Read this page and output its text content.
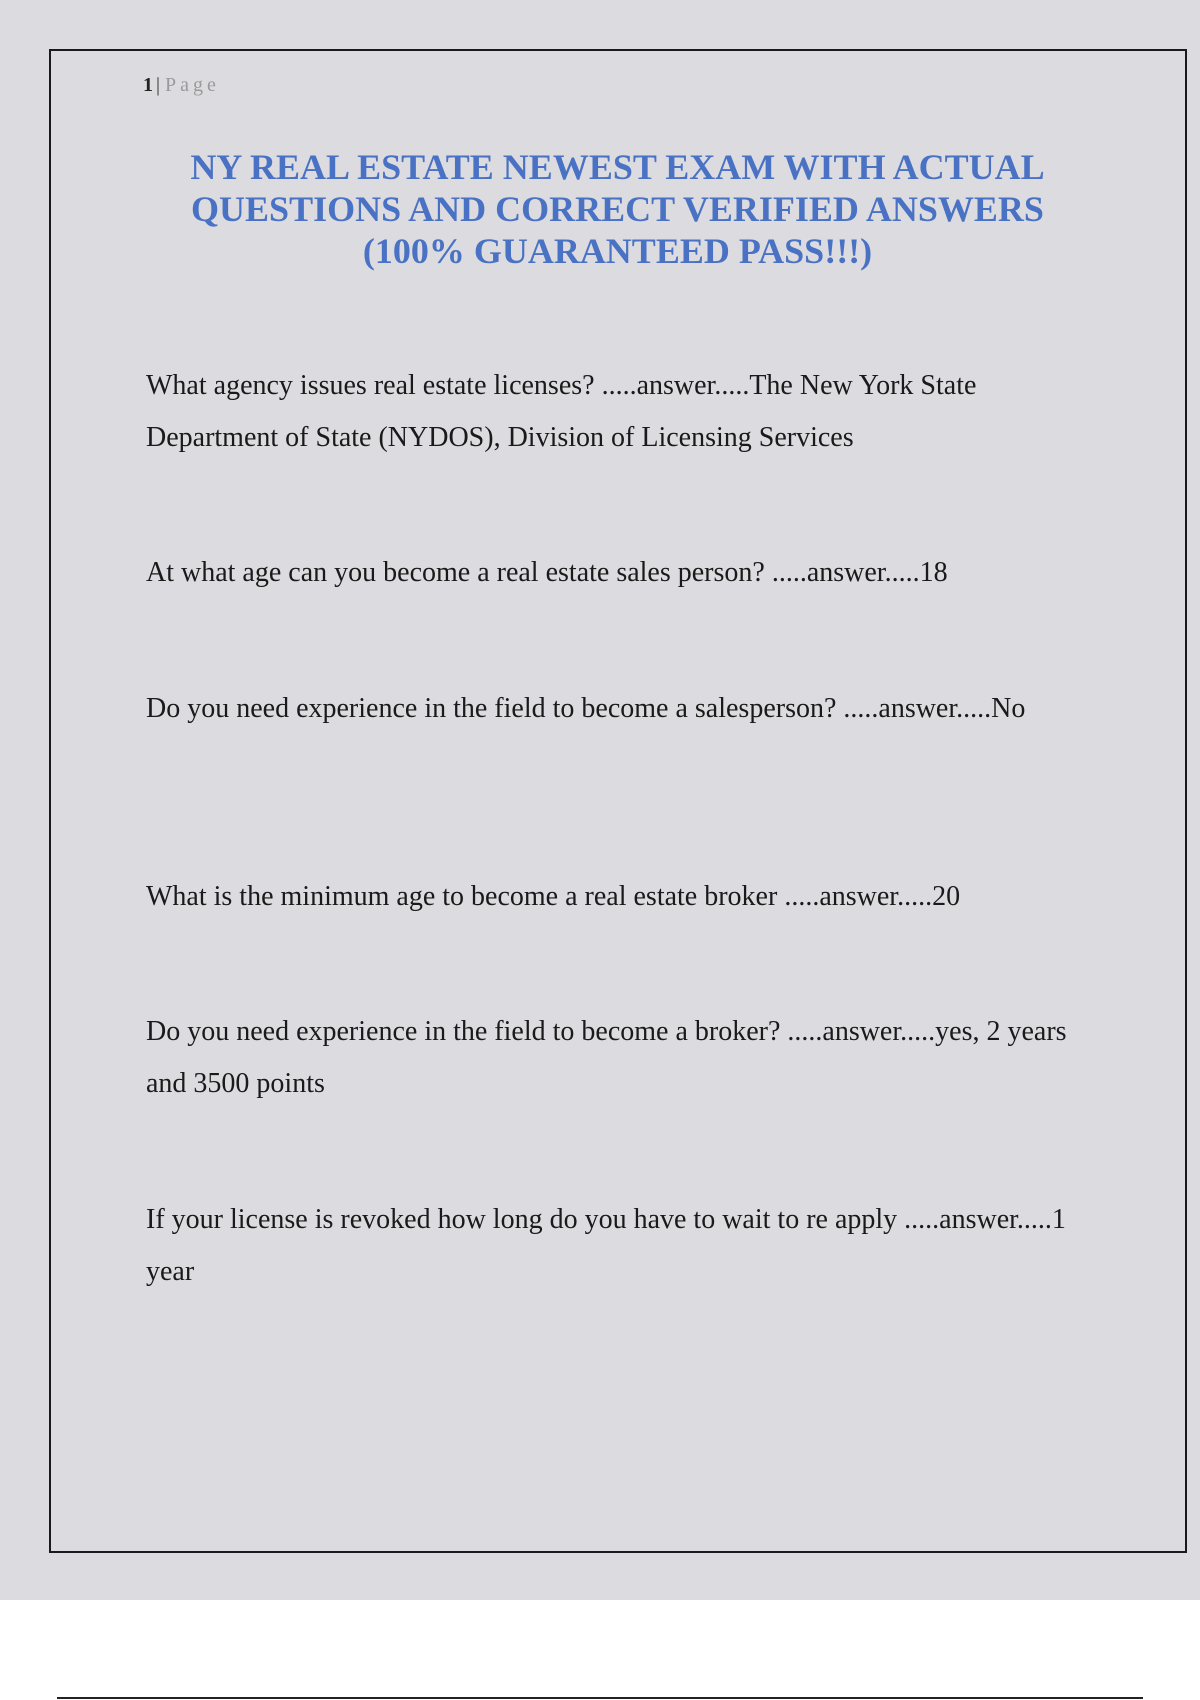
1 | Page
NY REAL ESTATE NEWEST EXAM WITH ACTUAL QUESTIONS AND CORRECT VERIFIED ANSWERS (100% GUARANTEED PASS!!!)

What agency issues real estate licenses? .....answer.....The New York State Department of State (NYDOS), Division of Licensing Services

At what age can you become a real estate sales person? .....answer.....18

Do you need experience in the field to become a salesperson? .....answer.....No

What is the minimum age to become a real estate broker .....answer.....20

Do you need experience in the field to become a broker? .....answer.....yes, 2 years and 3500 points

If your license is revoked how long do you have to wait to re apply .....answer.....1 year
